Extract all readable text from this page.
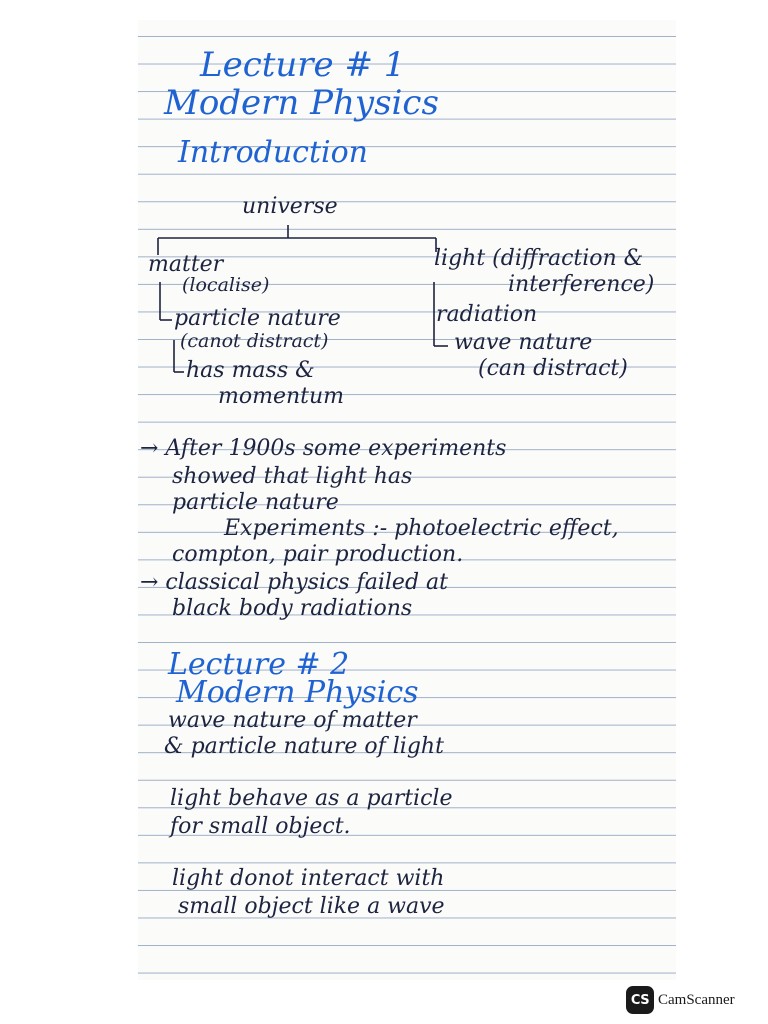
Lecture # 1
Modern Physics
Introduction
universe
matter
(localise)
particle nature
(canot distract)
has mass &
momentum
light (diffraction &
interference)
radiation
wave nature
(can distract)
→ After 1900s some experiments
showed that light has
particle nature
Experiments :- photoelectric effect,
compton, pair production.
→ classical physics failed at
black body radiations
Lecture # 2
Modern Physics
wave nature of matter
& particle nature of light
light behave as a particle
for small object.
light donot interact with
small object like a wave
CS CamScanner
